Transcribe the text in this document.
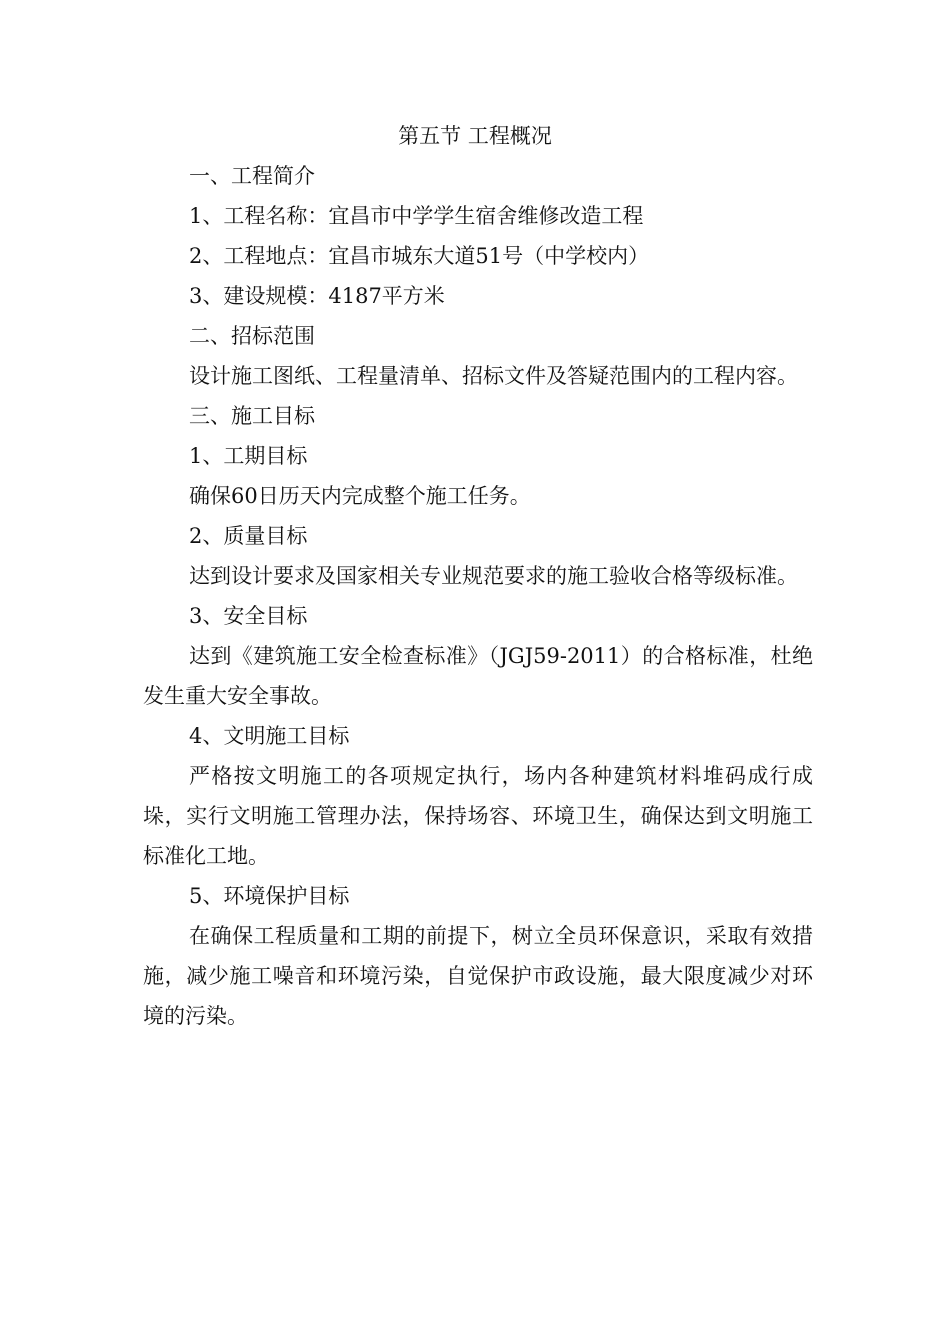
第五节 工程概况

一、工程简介

1、工程名称：宜昌市中学学生宿舍维修改造工程

2、工程地点：宜昌市城东大道51号（中学校内）

3、建设规模：4187平方米

二、招标范围

设计施工图纸、工程量清单、招标文件及答疑范围内的工程内容。

三、施工目标

1、工期目标

确保60日历天内完成整个施工任务。

2、质量目标

达到设计要求及国家相关专业规范要求的施工验收合格等级标准。

3、安全目标

达到《建筑施工安全检查标准》（JGJ59-2011）的合格标准，杜绝发生重大安全事故。

4、文明施工目标

严格按文明施工的各项规定执行，场内各种建筑材料堆码成行成垛，实行文明施工管理办法，保持场容、环境卫生，确保达到文明施工标准化工地。

5、环境保护目标

在确保工程质量和工期的前提下，树立全员环保意识，采取有效措施，减少施工噪音和环境污染，自觉保护市政设施，最大限度减少对环境的污染。
